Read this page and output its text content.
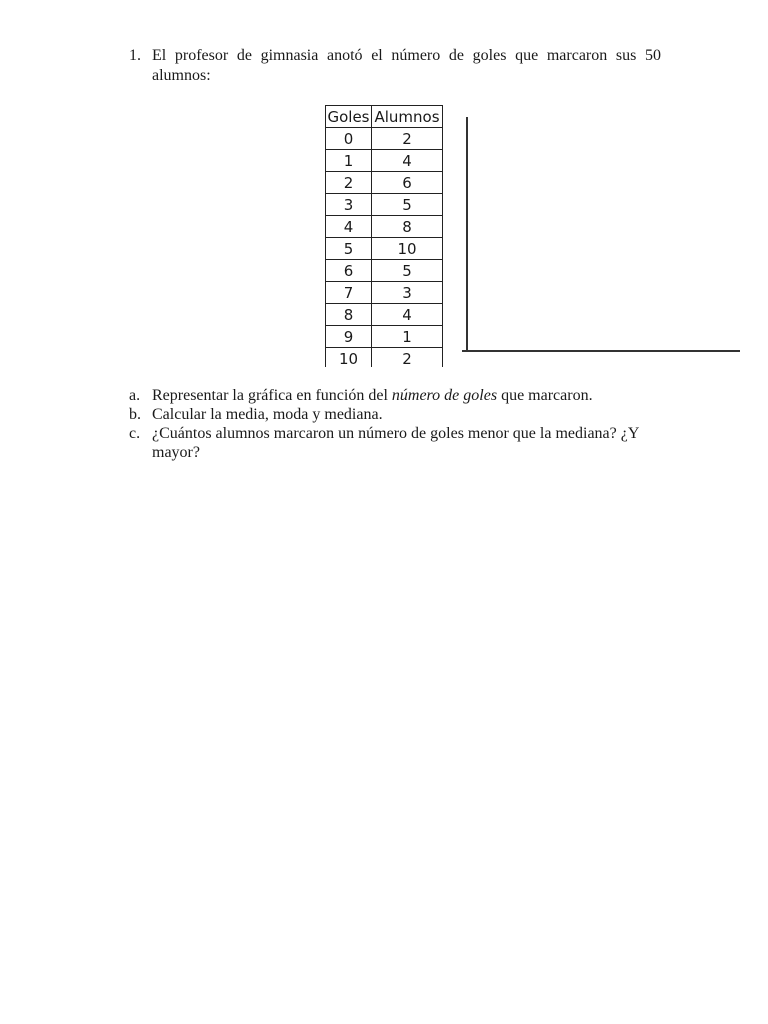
1. El profesor de gimnasia anotó el número de goles que marcaron sus 50 alumnos:
Goles	Alumnos
0	2
1	4
2	6
3	5
4	8
5	10
6	5
7	3
8	4
9	1
10	2
a. Representar la gráfica en función del número de goles que marcaron.
b. Calcular la media, moda y mediana.
c. ¿Cuántos alumnos marcaron un número de goles menor que la mediana? ¿Y mayor?
